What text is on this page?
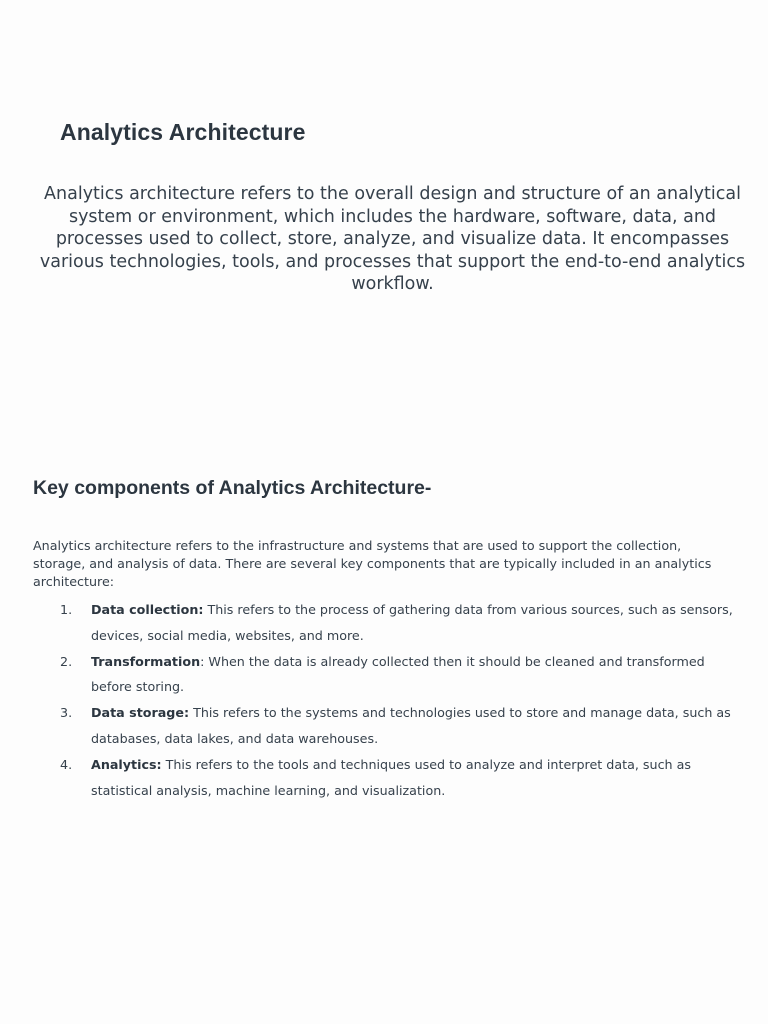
Analytics Architecture

Analytics architecture refers to the overall design and structure of an analytical system or environment, which includes the hardware, software, data, and processes used to collect, store, analyze, and visualize data. It encompasses various technologies, tools, and processes that support the end-to-end analytics workflow.

Key components of Analytics Architecture-

Analytics architecture refers to the infrastructure and systems that are used to support the collection, storage, and analysis of data. There are several key components that are typically included in an analytics architecture:

1. Data collection: This refers to the process of gathering data from various sources, such as sensors, devices, social media, websites, and more.
2. Transformation: When the data is already collected then it should be cleaned and transformed before storing.
3. Data storage: This refers to the systems and technologies used to store and manage data, such as databases, data lakes, and data warehouses.
4. Analytics: This refers to the tools and techniques used to analyze and interpret data, such as statistical analysis, machine learning, and visualization.
